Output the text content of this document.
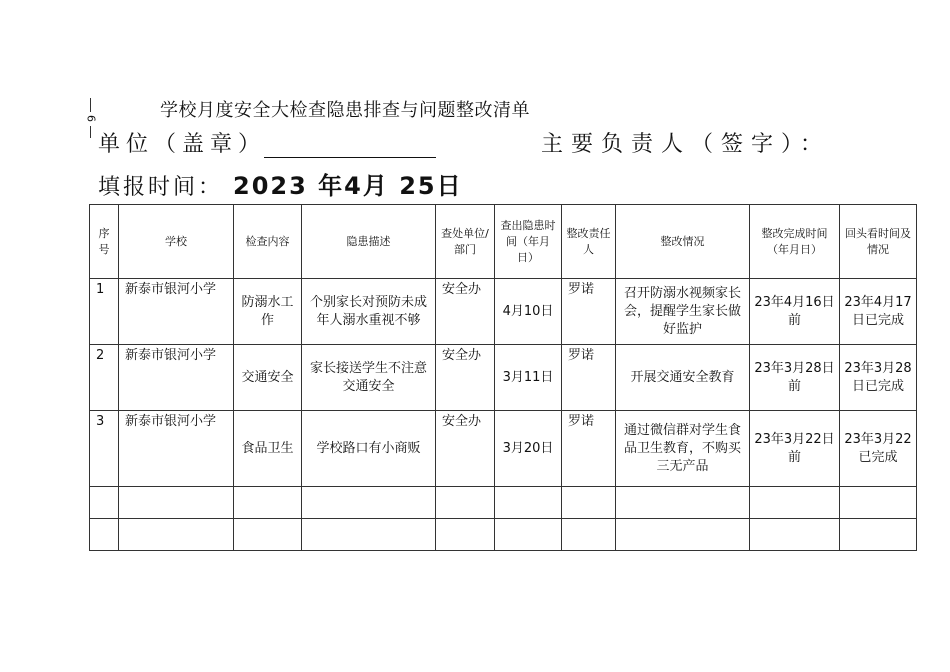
6	学校月度安全大检查隐患排查与问题整改清单
单位（盖章）	主要负责人（签字）：
填报时间： 2023 年4月 25日
序号	学校	检查内容	隐患描述	查处单位/部门	查出隐患时间（年月日）	整改责任人	整改情况	整改完成时间（年月日）	回头看时间及情况

1	新泰市银河小学	防溺水工作	个别家长对预防未成年人溺水重视不够	安全办	4月10日	罗诺	召开防溺水视频家长会，提醒学生家长做好监护	23年4月16日前	23年4月17日已完成

2	新泰市银河小学	交通安全	家长接送学生不注意交通安全	安全办	3月11日	罗诺	开展交通安全教育	23年3月28日前	23年3月28日已完成

3	新泰市银河小学	食品卫生	学校路口有小商贩	安全办	3月20日	罗诺	通过微信群对学生食品卫生教育，不购买三无产品	23年3月22日前	23年3月22已完成
